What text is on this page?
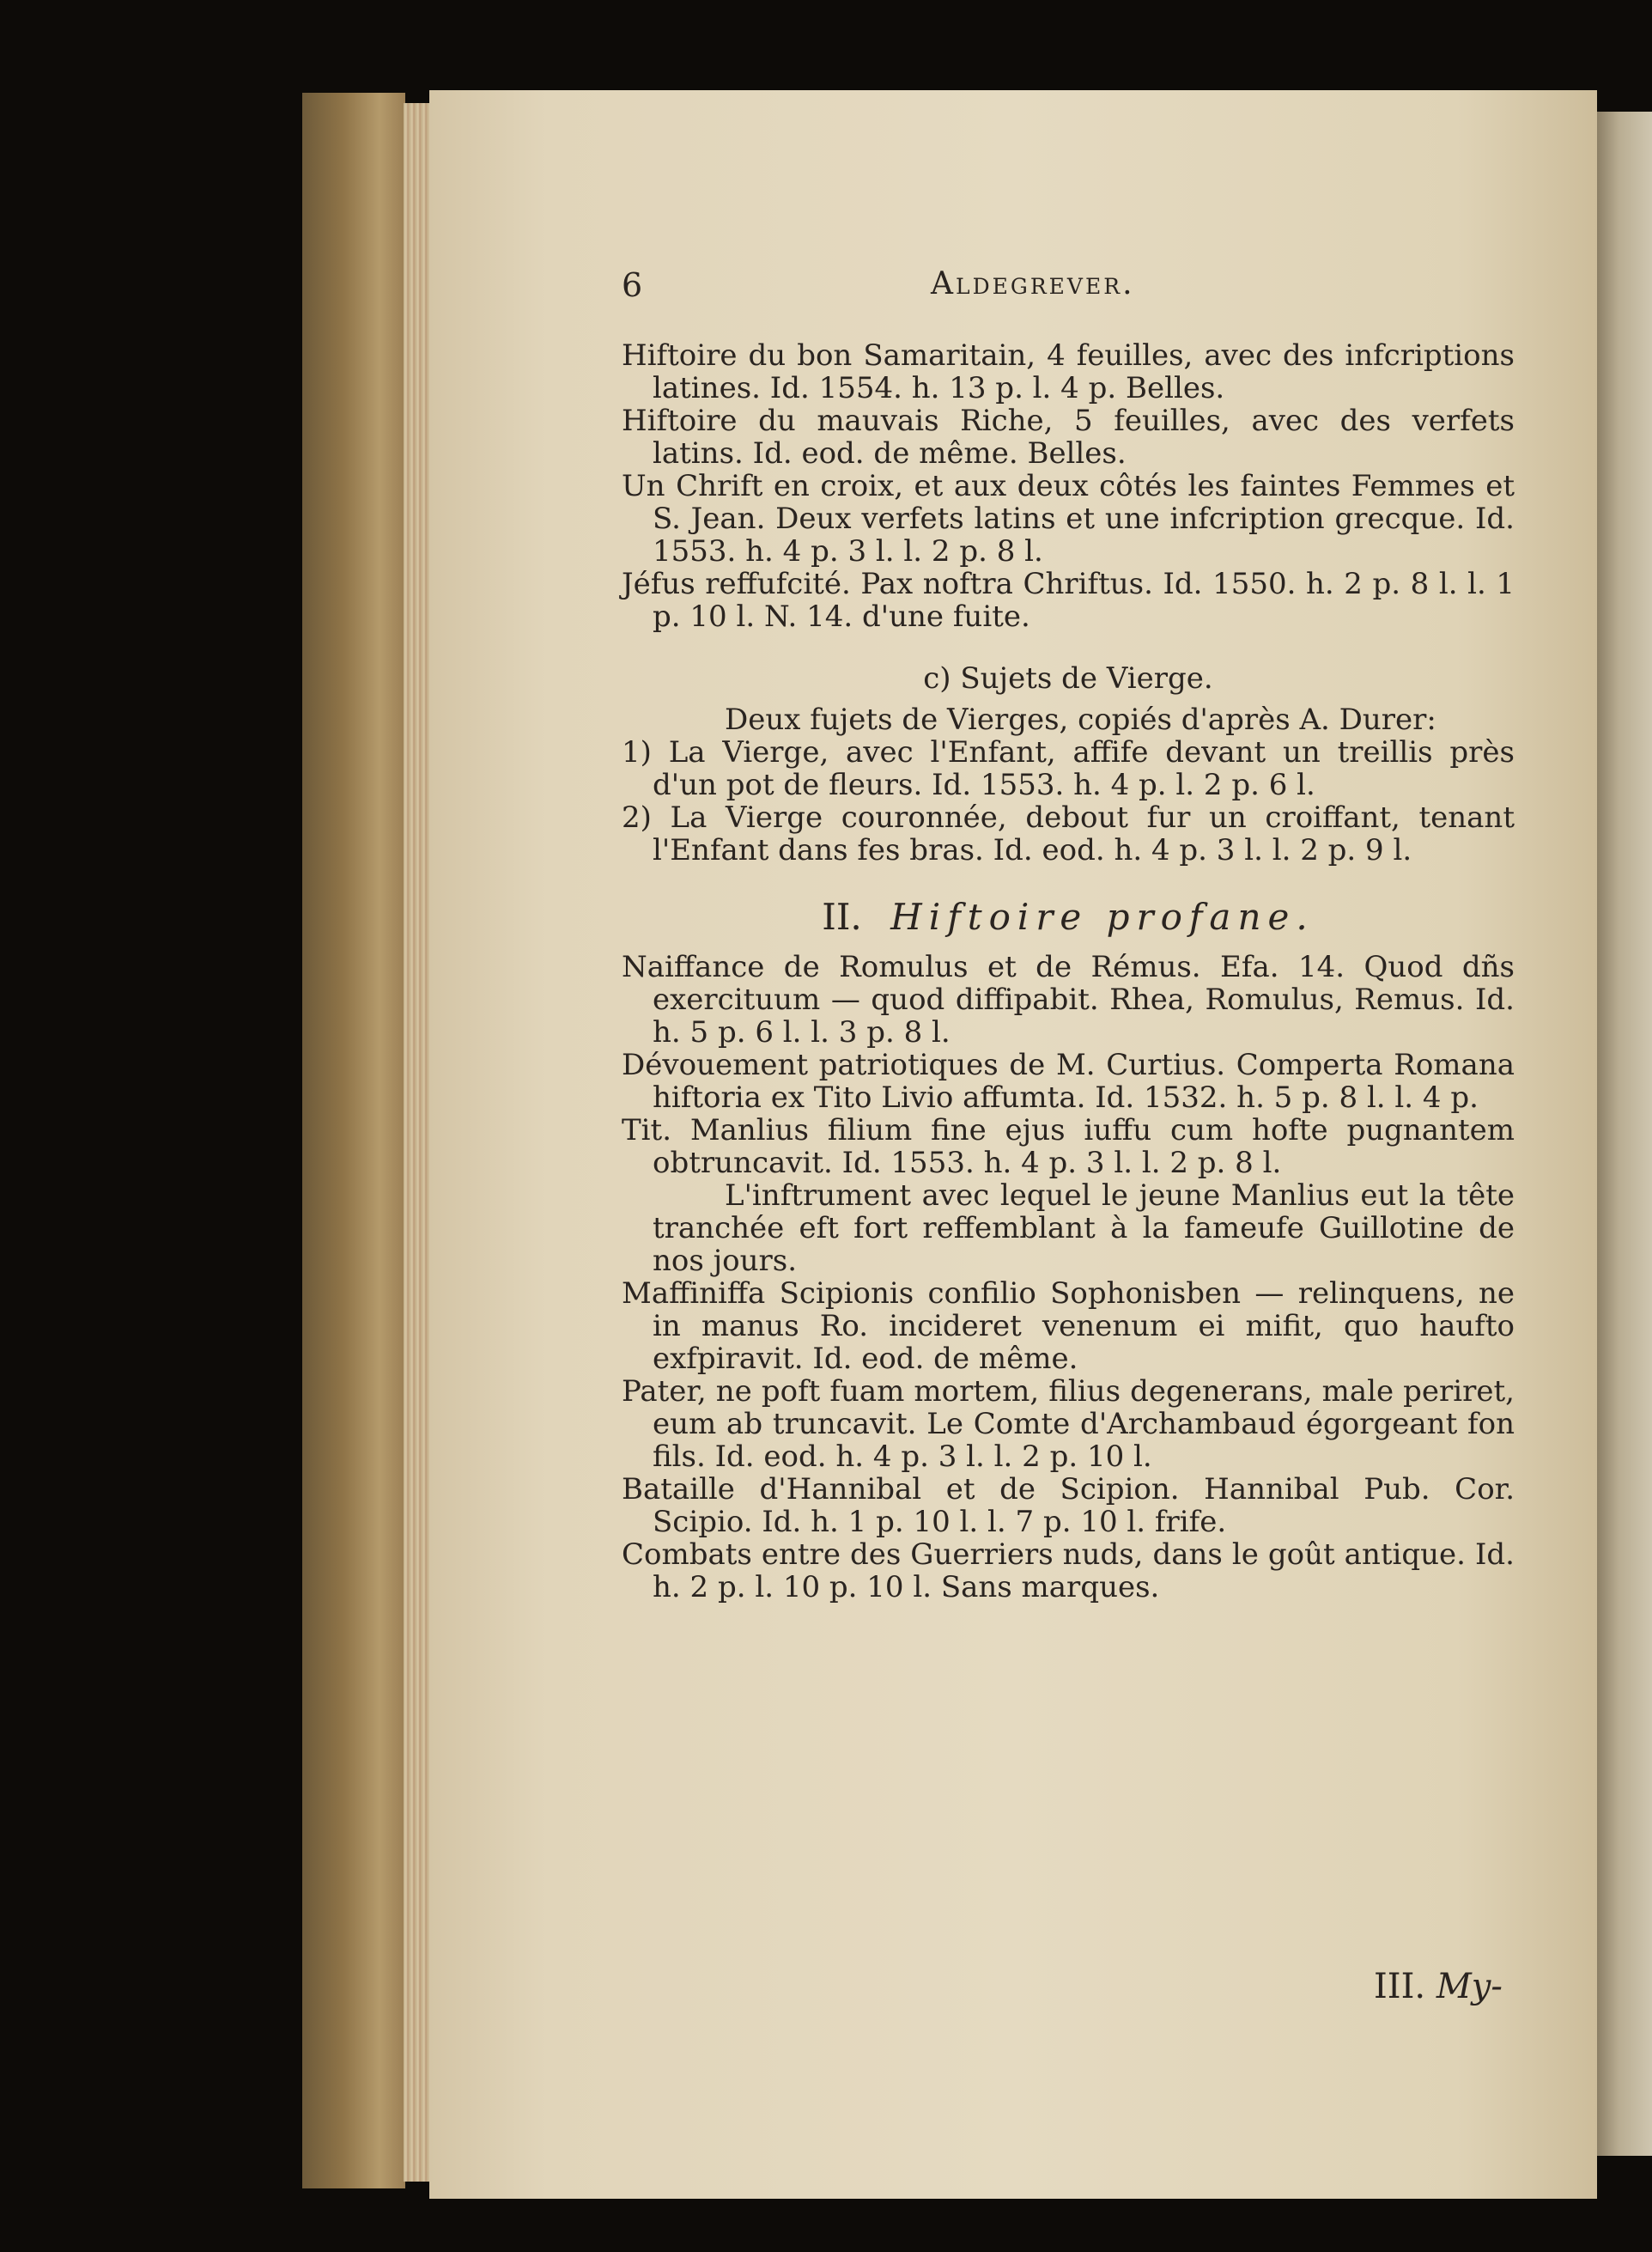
6	Aldegrever.

Hiftoire du bon Samaritain, 4 feuilles, avec des infcriptions latines. Id. 1554. h. 13 p. l. 4 p. Belles.

Hiftoire du mauvais Riche, 5 feuilles, avec des verfets latins. Id. eod. de même. Belles.

Un Chrift en croix, et aux deux côtés les faintes Femmes et S. Jean. Deux verfets latins et une infcription grecque. Id. 1553. h. 4 p. 3 l. l. 2 p. 8 l.

Jéfus reffufcité. Pax noftra Chriftus. Id. 1550. h. 2 p. 8 l. l. 1 p. 10 l. N. 14. d'une fuite.

c) Sujets de Vierge.

Deux fujets de Vierges, copiés d'après A. Durer:

1) La Vierge, avec l'Enfant, affife devant un treillis près d'un pot de fleurs. Id. 1553. h. 4 p. l. 2 p. 6 l.

2) La Vierge couronnée, debout fur un croiffant, tenant l'Enfant dans fes bras. Id. eod. h. 4 p. 3 l. l. 2 p. 9 l.

II. Hiftoire profane.

Naiffance de Romulus et de Rémus. Efa. 14. Quod dñs exercituum — quod diffipabit. Rhea, Romulus, Remus. Id. h. 5 p. 6 l. l. 3 p. 8 l.

Dévouement patriotiques de M. Curtius. Comperta Romana hiftoria ex Tito Livio affumta. Id. 1532. h. 5 p. 8 l. l. 4 p.

Tit. Manlius filium fine ejus iuffu cum hofte pugnantem obtruncavit. Id. 1553. h. 4 p. 3 l. l. 2 p. 8 l.

L'inftrument avec lequel le jeune Manlius eut la tête tranchée eft fort reffemblant à la fameufe Guillotine de nos jours.

Maffiniffa Scipionis confilio Sophonisben — relinquens, ne in manus Ro. incideret venenum ei mifit, quo haufto exfpiravit. Id. eod. de même.

Pater, ne poft fuam mortem, filius degenerans, male periret, eum ab truncavit. Le Comte d'Archambaud égorgeant fon fils. Id. eod. h. 4 p. 3 l. l. 2 p. 10 l.

Bataille d'Hannibal et de Scipion. Hannibal Pub. Cor. Scipio. Id. h. 1 p. 10 l. l. 7 p. 10 l. frife.

Combats entre des Guerriers nuds, dans le goût antique. Id. h. 2 p. l. 10 p. 10 l. Sans marques.

III. My-
